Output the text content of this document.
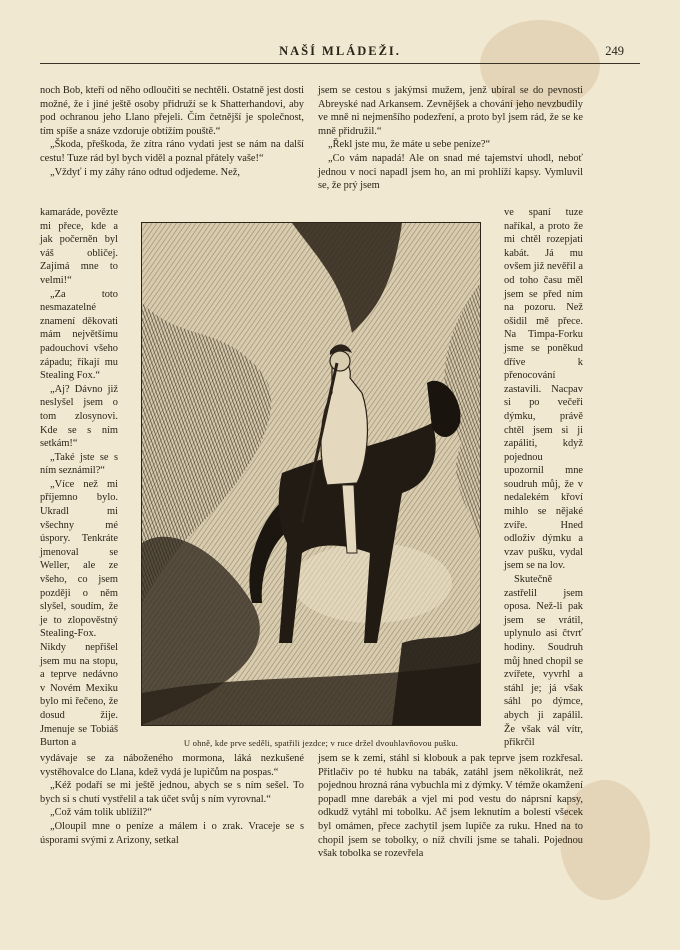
NAŠÍ MLÁDEŽI.	249
noch Bob, kteří od něho odloučiti se nechtěli. Ostatně jest dosti možné, že i jiné ještě osoby přidruží se k Shatterhandovi, aby pod ochranou jeho Llano přejeli. Čím četnější je společnost, tím spíše a snáze vzdoruje obtížím pouště.“
„Škoda, přeškoda, že zítra ráno vydati jest se nám na další cestu! Tuze rád byl bych viděl a poznal přátely vaše!“
„Vždyť i my záhy ráno odtud odjedeme. Než,
kamaráde, povězte mi přece, kde a jak počerněn byl váš obličej. Zajímá mne to velmi!“
„Za toto nesmazatelné znamení děkovati mám největšímu padouchovi všeho západu; říkají mu Stealing Fox.“
„Aj? Dávno již neslyšel jsem o tom zlosynovi. Kde se s ním setkám!“
„Také jste se s ním seznámil?“
„Více než mi příjemno bylo. Ukradl mi všechny mé úspory. Tenkráte jmenoval se Weller, ale ze všeho, co jsem později o něm slyšel, soudím, že je to zlopověstný Stealing-Fox. Nikdy nepřišel jsem mu na stopu, a teprve nedávno v Novém Mexiku bylo mi řečeno, že dosud žije. Jmenuje se Tobiáš Burton a
vydávaje se za náboženého mormona, láká nezkušené vystěhovalce do Llana, kdež vydá je lupičům na pospas.“
„Kéž podaří se mi ještě jednou, abych se s ním sešel. To bych si s chutí vystřelil a tak účet svůj s ním vyrovnal.“
„Což vám tolik ublížil?“
„Oloupil mne o peníze a málem i o zrak. Vraceje se s úsporami svými z Arizony, setkal
jsem se cestou s jakýmsi mužem, jenž ubíral se do pevnosti Abreyské nad Arkansem. Zevnějšek a chování jeho nevzbudily ve mně ni nejmenšího podezření, a proto byl jsem rád, že se ke mně přidružil.“
„Řekl jste mu, že máte u sebe peníze?“
„Co vám napadá! Ale on snad mé tajemství uhodl, neboť jednou v noci napadl jsem ho, an mi prohlíží kapsy. Vymluvil se, že prý jsem
ve spaní tuze naříkal, a proto že mi chtěl rozepjati kabát. Já mu ovšem již nevěřil a od toho času měl jsem se před ním na pozoru. Než ošidil mě přece. Na Timpa-Forku jsme se poněkud dříve k přenocování zastavili. Nacpav si po večeři dýmku, právě chtěl jsem si ji zapáliti, když pojednou upozornil mne soudruh můj, že v nedalekém křoví mihlo se nějaké zvíře. Hned odloživ dýmku a vzav pušku, vydal jsem se na lov.
Skutečně zastřelil jsem oposa. Než-li pak jsem se vrátil, uplynulo asi čtvrť hodiny. Soudruh můj hned chopil se zvířete, vyvrhl a stáhl je; já však sáhl po dýmce, abych ji zapálil. Že však vál vítr, přikrčil
jsem se k zemi, stáhl si klobouk a pak teprve jsem rozkřesal. Přitlačiv po té hubku na tabák, zatáhl jsem několikrát, než pojednou hrozná rána vybuchla mi z dýmky. V témže okamžení popadl mne darebák a vjel mi pod vestu do náprsní kapsy, odkudž vytáhl mi tobolku. Ač jsem leknutím a bolestí všecek byl omámen, přece zachytil jsem lupiče za ruku. Hned na to chopil jsem se tobolky, o níž chvíli jsme se tahali. Pojednou však tobolka se rozevřela
U ohně, kde prve seděli, spatřili jezdce; v ruce držel dvouhlavňovou pušku.
